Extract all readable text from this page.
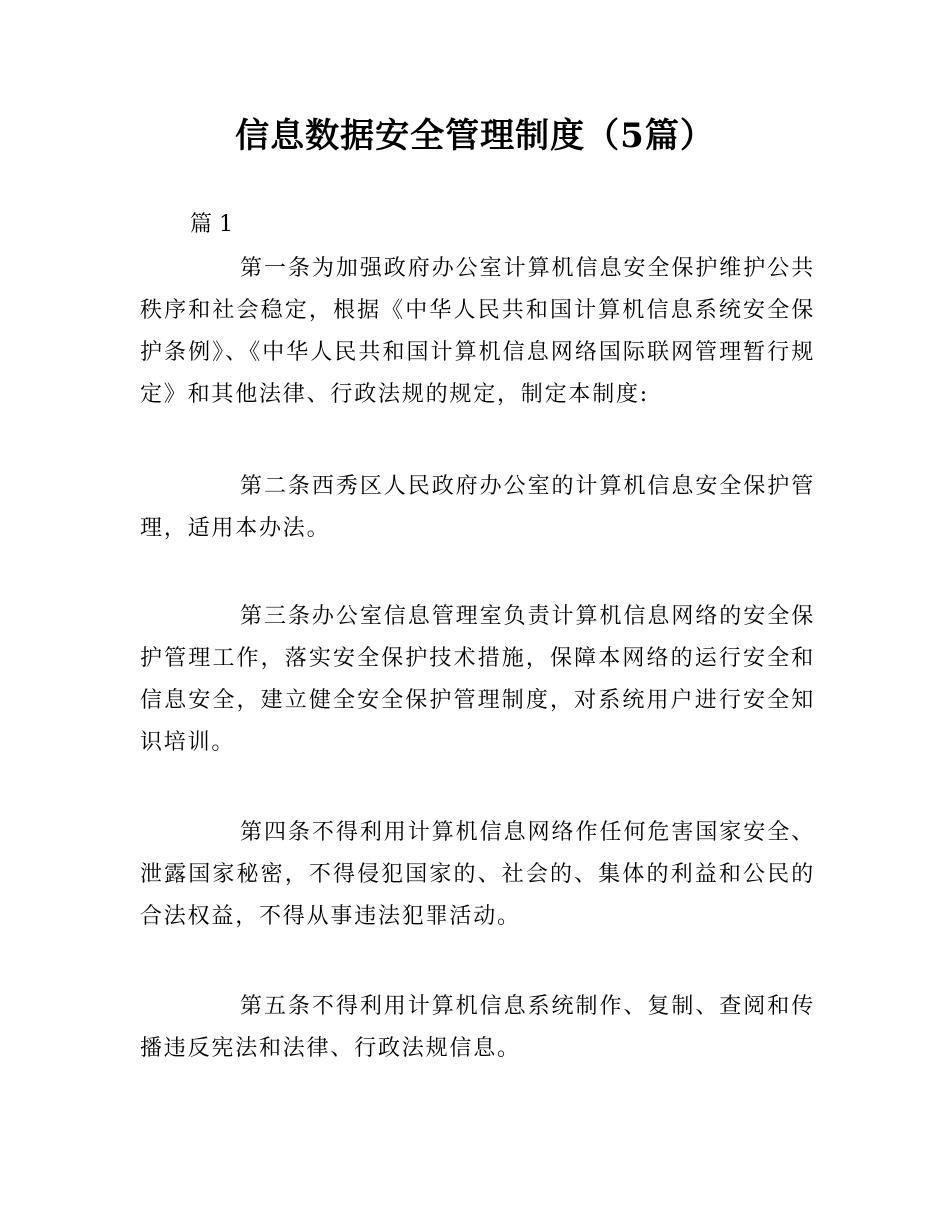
信息数据安全管理制度（5篇）

篇 1

第一条为加强政府办公室计算机信息安全保护维护公共秩序和社会稳定，根据《中华人民共和国计算机信息系统安全保护条例》、《中华人民共和国计算机信息网络国际联网管理暂行规定》和其他法律、行政法规的规定，制定本制度:

第二条西秀区人民政府办公室的计算机信息安全保护管理，适用本办法。

第三条办公室信息管理室负责计算机信息网络的安全保护管理工作，落实安全保护技术措施，保障本网络的运行安全和信息安全，建立健全安全保护管理制度，对系统用户进行安全知识培训。

第四条不得利用计算机信息网络作任何危害国家安全、泄露国家秘密，不得侵犯国家的、社会的、集体的利益和公民的合法权益，不得从事违法犯罪活动。

第五条不得利用计算机信息系统制作、复制、查阅和传播违反宪法和法律、行政法规信息。
